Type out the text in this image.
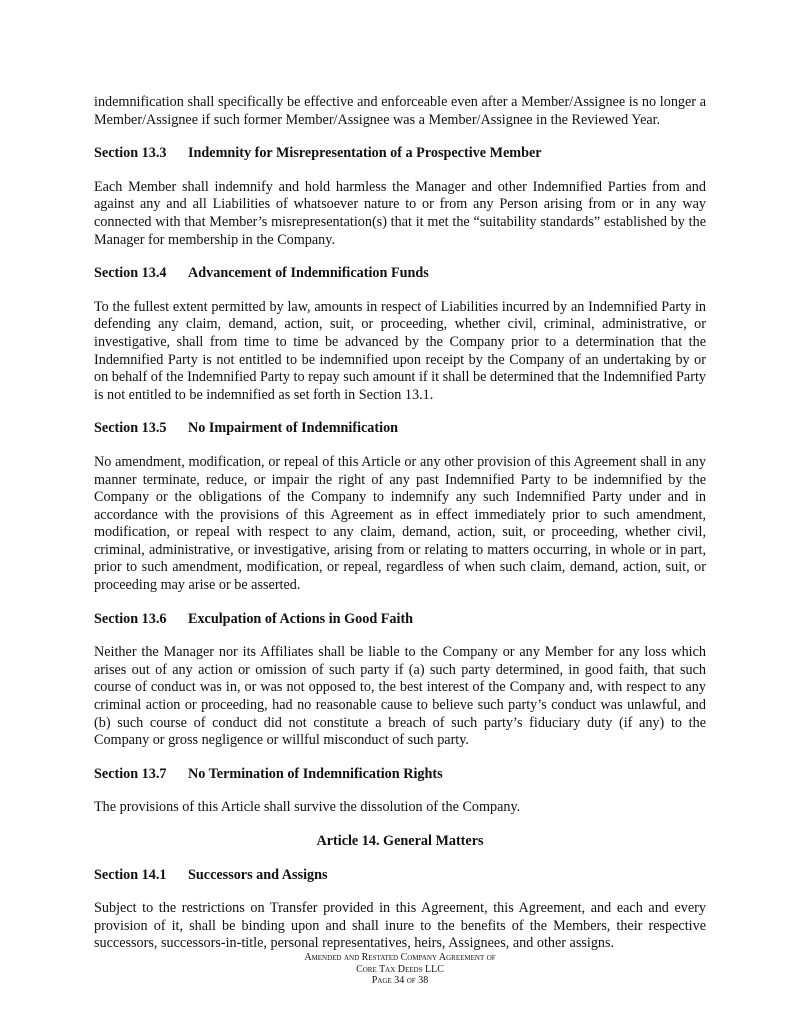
indemnification shall specifically be effective and enforceable even after a Member/Assignee is no longer a Member/Assignee if such former Member/Assignee was a Member/Assignee in the Reviewed Year.

Section 13.3	Indemnity for Misrepresentation of a Prospective Member

Each Member shall indemnify and hold harmless the Manager and other Indemnified Parties from and against any and all Liabilities of whatsoever nature to or from any Person arising from or in any way connected with that Member’s misrepresentation(s) that it met the “suitability standards” established by the Manager for membership in the Company.

Section 13.4	Advancement of Indemnification Funds

To the fullest extent permitted by law, amounts in respect of Liabilities incurred by an Indemnified Party in defending any claim, demand, action, suit, or proceeding, whether civil, criminal, administrative, or investigative, shall from time to time be advanced by the Company prior to a determination that the Indemnified Party is not entitled to be indemnified upon receipt by the Company of an undertaking by or on behalf of the Indemnified Party to repay such amount if it shall be determined that the Indemnified Party is not entitled to be indemnified as set forth in Section 13.1.

Section 13.5	No Impairment of Indemnification

No amendment, modification, or repeal of this Article or any other provision of this Agreement shall in any manner terminate, reduce, or impair the right of any past Indemnified Party to be indemnified by the Company or the obligations of the Company to indemnify any such Indemnified Party under and in accordance with the provisions of this Agreement as in effect immediately prior to such amendment, modification, or repeal with respect to any claim, demand, action, suit, or proceeding, whether civil, criminal, administrative, or investigative, arising from or relating to matters occurring, in whole or in part, prior to such amendment, modification, or repeal, regardless of when such claim, demand, action, suit, or proceeding may arise or be asserted.

Section 13.6	Exculpation of Actions in Good Faith

Neither the Manager nor its Affiliates shall be liable to the Company or any Member for any loss which arises out of any action or omission of such party if (a) such party determined, in good faith, that such course of conduct was in, or was not opposed to, the best interest of the Company and, with respect to any criminal action or proceeding, had no reasonable cause to believe such party’s conduct was unlawful, and (b) such course of conduct did not constitute a breach of such party’s fiduciary duty (if any) to the Company or gross negligence or willful misconduct of such party.

Section 13.7	No Termination of Indemnification Rights

The provisions of this Article shall survive the dissolution of the Company.

Article 14. General Matters

Section 14.1	Successors and Assigns

Subject to the restrictions on Transfer provided in this Agreement, this Agreement, and each and every provision of it, shall be binding upon and shall inure to the benefits of the Members, their respective successors, successors-in-title, personal representatives, heirs, Assignees, and other assigns.

Amended and Restated Company Agreement of
Core Tax Deeds LLC
Page 34 of 38
